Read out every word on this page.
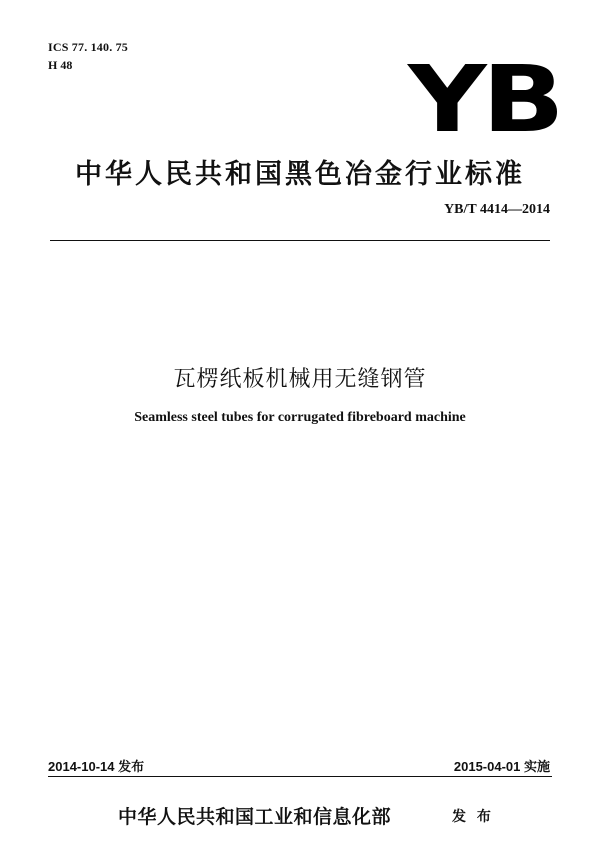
ICS 77. 140. 75
H 48	YB
中华人民共和国黑色冶金行业标准
YB/T 4414—2014
瓦楞纸板机械用无缝钢管
Seamless steel tubes for corrugated fibreboard machine
2014-10-14 发布	2015-04-01 实施
中华人民共和国工业和信息化部	发 布
